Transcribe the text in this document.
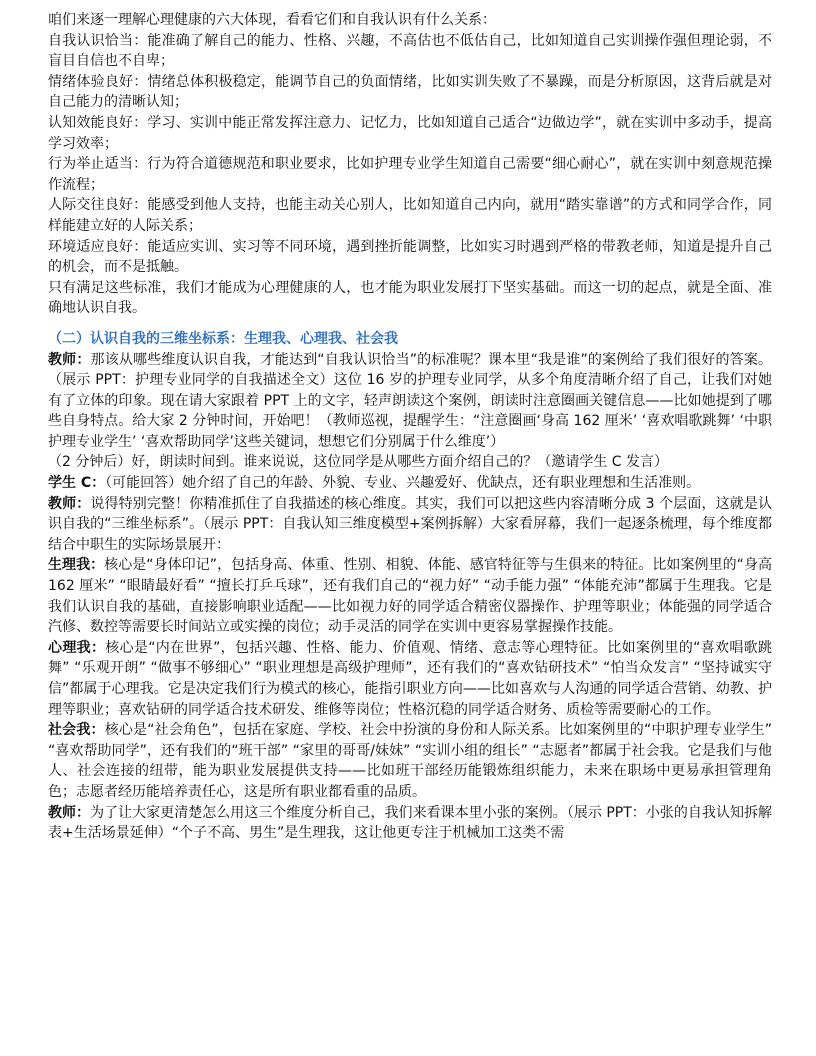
咱们来逐一理解心理健康的六大体现，看看它们和自我认识有什么关系：

自我认识恰当：能准确了解自己的能力、性格、兴趣，不高估也不低估自己，比如知道自己实训操作强但理论弱，不盲目自信也不自卑；

情绪体验良好：情绪总体积极稳定，能调节自己的负面情绪，比如实训失败了不暴躁，而是分析原因，这背后就是对自己能力的清晰认知；

认知效能良好：学习、实训中能正常发挥注意力、记忆力，比如知道自己适合“边做边学”，就在实训中多动手，提高学习效率；

行为举止适当：行为符合道德规范和职业要求，比如护理专业学生知道自己需要“细心耐心”，就在实训中刻意规范操作流程；

人际交往良好：能感受到他人支持，也能主动关心别人，比如知道自己内向，就用“踏实靠谱”的方式和同学合作，同样能建立好的人际关系；

环境适应良好：能适应实训、实习等不同环境，遇到挫折能调整，比如实习时遇到严格的带教老师，知道是提升自己的机会，而不是抵触。

只有满足这些标准，我们才能成为心理健康的人，也才能为职业发展打下坚实基础。而这一切的起点，就是全面、准确地认识自我。

（二）认识自我的三维坐标系：生理我、心理我、社会我

教师：那该从哪些维度认识自我，才能达到“自我认识恰当”的标准呢？课本里“我是谁”的案例给了我们很好的答案。（展示 PPT：护理专业同学的自我描述全文）这位 16 岁的护理专业同学，从多个角度清晰介绍了自己，让我们对她有了立体的印象。现在请大家跟着 PPT 上的文字，轻声朗读这个案例，朗读时注意圈画关键信息——比如她提到了哪些自身特点。给大家 2 分钟时间，开始吧！（教师巡视，提醒学生：“注意圈画‘身高 162 厘米’ ‘喜欢唱歌跳舞’ ‘中职护理专业学生’ ‘喜欢帮助同学’这些关键词，想想它们分别属于什么维度’）

（2 分钟后）好，朗读时间到。谁来说说，这位同学是从哪些方面介绍自己的？（邀请学生 C 发言）

学生 C：（可能回答）她介绍了自己的年龄、外貌、专业、兴趣爱好、优缺点，还有职业理想和生活准则。

教师：说得特别完整！你精准抓住了自我描述的核心维度。其实，我们可以把这些内容清晰分成 3 个层面，这就是认识自我的“三维坐标系”。（展示 PPT：自我认知三维度模型+案例拆解）大家看屏幕，我们一起逐条梳理，每个维度都结合中职生的实际场景展开：

生理我：核心是“身体印记”，包括身高、体重、性别、相貌、体能、感官特征等与生俱来的特征。比如案例里的“身高 162 厘米” “眼睛最好看” “擅长打乒乓球”，还有我们自己的“视力好” “动手能力强” “体能充沛”都属于生理我。它是我们认识自我的基础，直接影响职业适配——比如视力好的同学适合精密仪器操作、护理等职业；体能强的同学适合汽修、数控等需要长时间站立或实操的岗位；动手灵活的同学在实训中更容易掌握操作技能。

心理我：核心是“内在世界”，包括兴趣、性格、能力、价值观、情绪、意志等心理特征。比如案例里的“喜欢唱歌跳舞” “乐观开朗” “做事不够细心” “职业理想是高级护理师”，还有我们的“喜欢钻研技术” “怕当众发言” “坚持诚实守信”都属于心理我。它是决定我们行为模式的核心，能指引职业方向——比如喜欢与人沟通的同学适合营销、幼教、护理等职业；喜欢钻研的同学适合技术研发、维修等岗位；性格沉稳的同学适合财务、质检等需要耐心的工作。

社会我：核心是“社会角色”，包括在家庭、学校、社会中扮演的身份和人际关系。比如案例里的“中职护理专业学生” “喜欢帮助同学”，还有我们的“班干部” “家里的哥哥/妹妹” “实训小组的组长” “志愿者”都属于社会我。它是我们与他人、社会连接的纽带，能为职业发展提供支持——比如班干部经历能锻炼组织能力，未来在职场中更易承担管理角色；志愿者经历能培养责任心，这是所有职业都看重的品质。

教师：为了让大家更清楚怎么用这三个维度分析自己，我们来看课本里小张的案例。（展示 PPT：小张的自我认知拆解表+生活场景延伸）“个子不高、男生”是生理我，这让他更专注于机械加工这类不需
